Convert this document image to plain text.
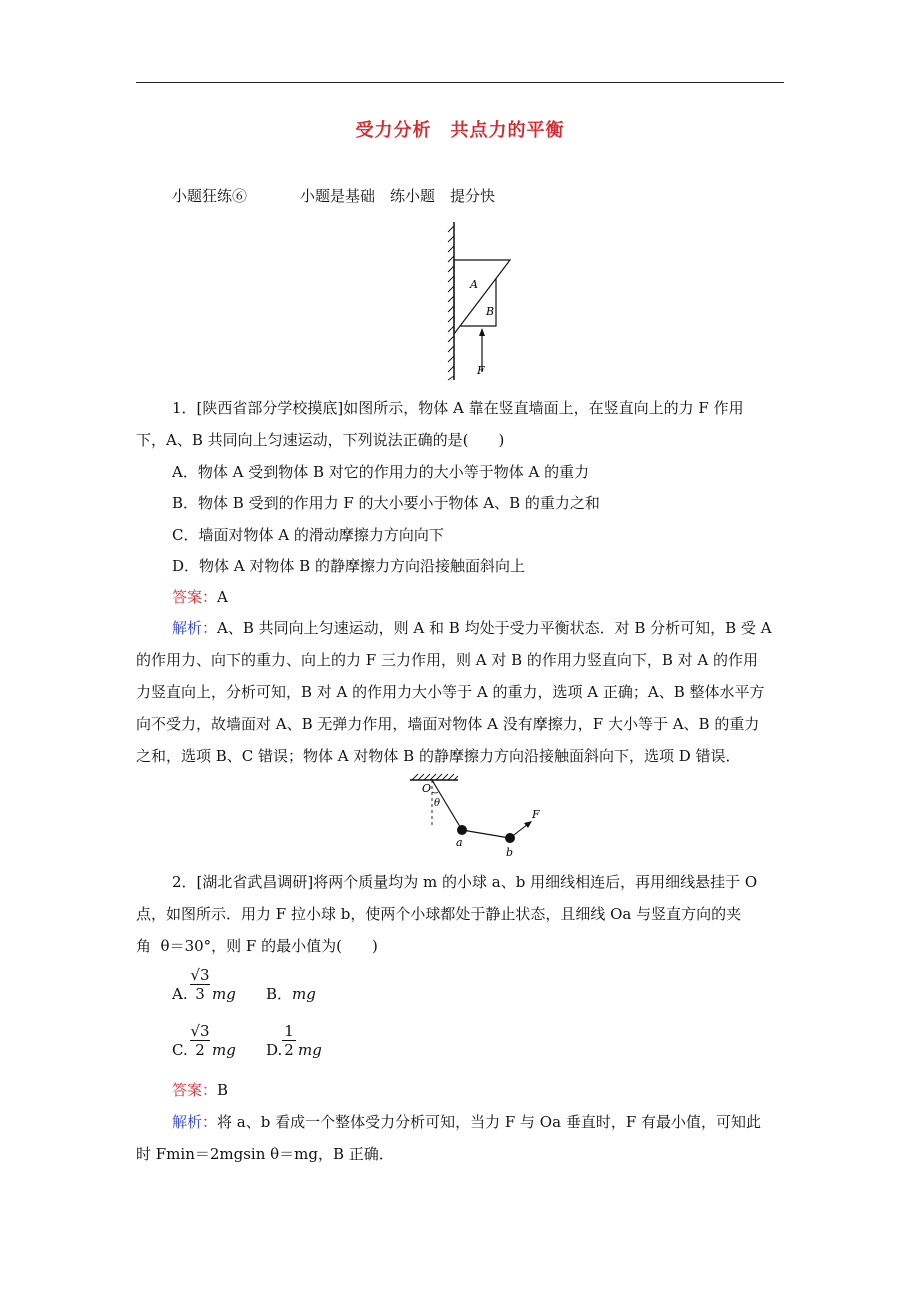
受力分析　共点力的平衡
小题狂练⑥	小题是基础　练小题　提分快
A
B
F
1．[陕西省部分学校摸底]如图所示，物体 A 靠在竖直墙面上，在竖直向上的力 F 作用
下，A、B 共同向上匀速运动，下列说法正确的是(　　)
A．物体 A 受到物体 B 对它的作用力的大小等于物体 A 的重力
B．物体 B 受到的作用力 F 的大小要小于物体 A、B 的重力之和
C．墙面对物体 A 的滑动摩擦力方向向下
D．物体 A 对物体 B 的静摩擦力方向沿接触面斜向上
答案：A
解析：A、B 共同向上匀速运动，则 A 和 B 均处于受力平衡状态．对 B 分析可知，B 受 A
的作用力、向下的重力、向上的力 F 三力作用，则 A 对 B 的作用力竖直向下，B 对 A 的作用
力竖直向上，分析可知，B 对 A 的作用力大小等于 A 的重力，选项 A 正确；A、B 整体水平方
向不受力，故墙面对 A、B 无弹力作用，墙面对物体 A 没有摩擦力，F 大小等于 A、B 的重力
之和，选项 B、C 错误；物体 A 对物体 B 的静摩擦力方向沿接触面斜向下，选项 D 错误．
O
θ
a
b
F
2．[湖北省武昌调研]将两个质量均为 m 的小球 a、b 用细线相连后，再用细线悬挂于 O
点，如图所示．用力 F 拉小球 b，使两个小球都处于静止状态，且细线 Oa 与竖直方向的夹
角  θ＝30°，则 F 的最小值为(　　)
A.
√3
3 mg B． mg
C.
√3
2 mg D.
1
2 mg
答案：B
解析：将 a、b 看成一个整体受力分析可知，当力 F 与 Oa 垂直时，F 有最小值，可知此
时 Fmin＝2mgsin θ＝mg，B 正确．
